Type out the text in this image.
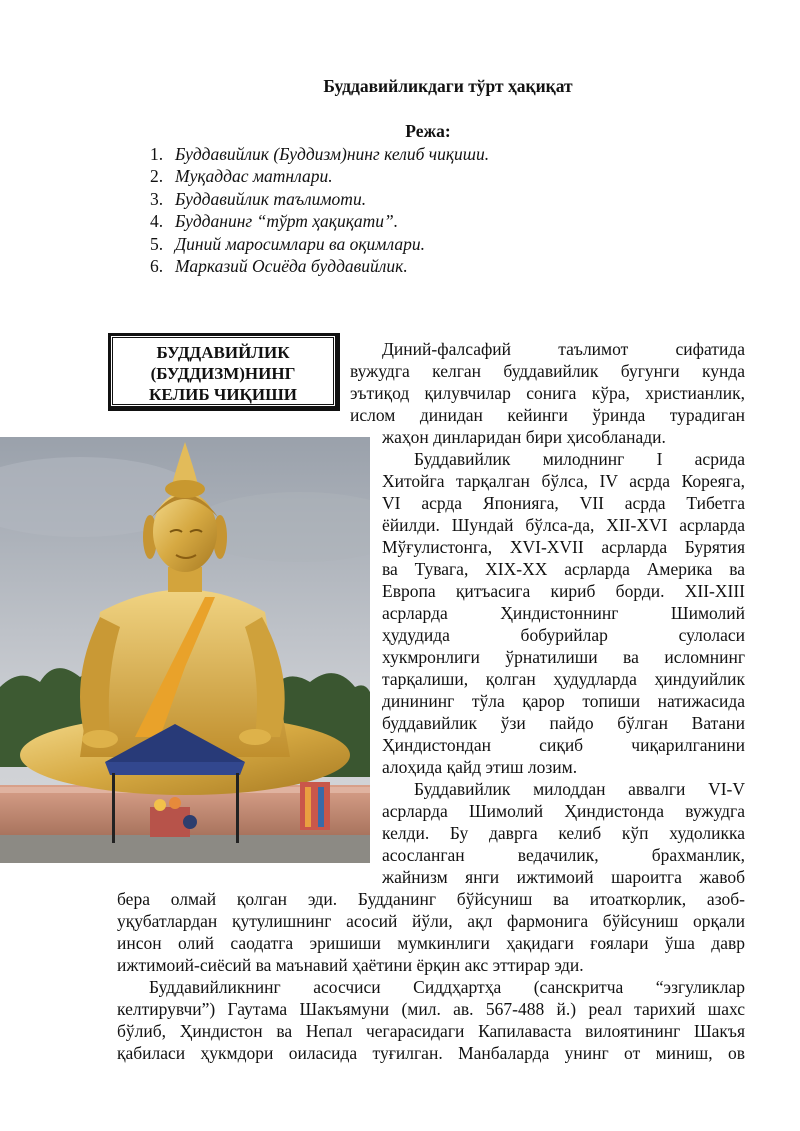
Буддавийликдаги тўрт ҳақиқат
Режа:
1. Буддавийлик (Буддизм)нинг келиб чиқиши.
2. Муқаддас матнлари.
3. Буддавийлик таълимоти.
4. Будданинг “тўрт ҳақиқати”.
5. Диний маросимлари ва оқимлари.
6. Марказий Осиёда буддавийлик.
БУДДАВИЙЛИК
(БУДДИЗМ)НИНГ
КЕЛИБ ЧИҚИШИ
Диний-фалсафий таълимот сифатида
вужудга келган буддавийлик бугунги кунда
эътиқод қилувчилар сонига кўра, христианлик,
ислом динидан кейинги ўринда турадиган
жаҳон динларидан бири ҳисобланади.
Буддавийлик милоднинг I асрида
Хитойга тарқалган бўлса, IV асрда Кореяга,
VI асрда Японияга, VII асрда Тибетга
ёйилди. Шундай бўлса-да, XII-XVI асрларда
Мўғулистонга, XVI-XVII асрларда Бурятия
ва Тувага, XIX-XX асрларда Америка ва
Европа қитъасига кириб борди. XII-XIII
асрларда Ҳиндистоннинг Шимолий
ҳудудида бобурийлар сулоласи
хукмронлиги ўрнатилиши ва исломнинг
тарқалиши, қолган ҳудудларда ҳиндуийлик
динининг тўла қарор топиши натижасида
буддавийлик ўзи пайдо бўлган Ватани
Ҳиндистондан сиқиб чиқарилганини
алоҳида қайд этиш лозим.
Буддавийлик милоддан аввалги VI-V
асрларда Шимолий Ҳиндистонда вужудга
келди. Бу даврга келиб кўп худоликка
асосланган ведачилик, брахманлик,
жайнизм янги ижтимоий шароитга жавоб
бера олмай қолган эди. Будданинг бўйсуниш ва итоаткорлик, азоб-
уқубатлардан қутулишнинг асосий йўли, ақл фармонига бўйсуниш орқали
инсон олий саодатга эришиши мумкинлиги ҳақидаги ғоялари ўша давр
ижтимоий-сиёсий ва маънавий ҳаётини ёрқин акс эттирар эди.
Буддавийликнинг асосчиси Сиддҳартҳа (санскритча “эзгуликлар
келтирувчи”) Гаутама Шакъямуни (мил. ав. 567-488 й.) реал тарихий шахс
бўлиб, Ҳиндистон ва Непал чегарасидаги Капилаваста вилоятининг Шакъя
қабиласи ҳукмдори оиласида туғилган. Манбаларда унинг от миниш, ов
